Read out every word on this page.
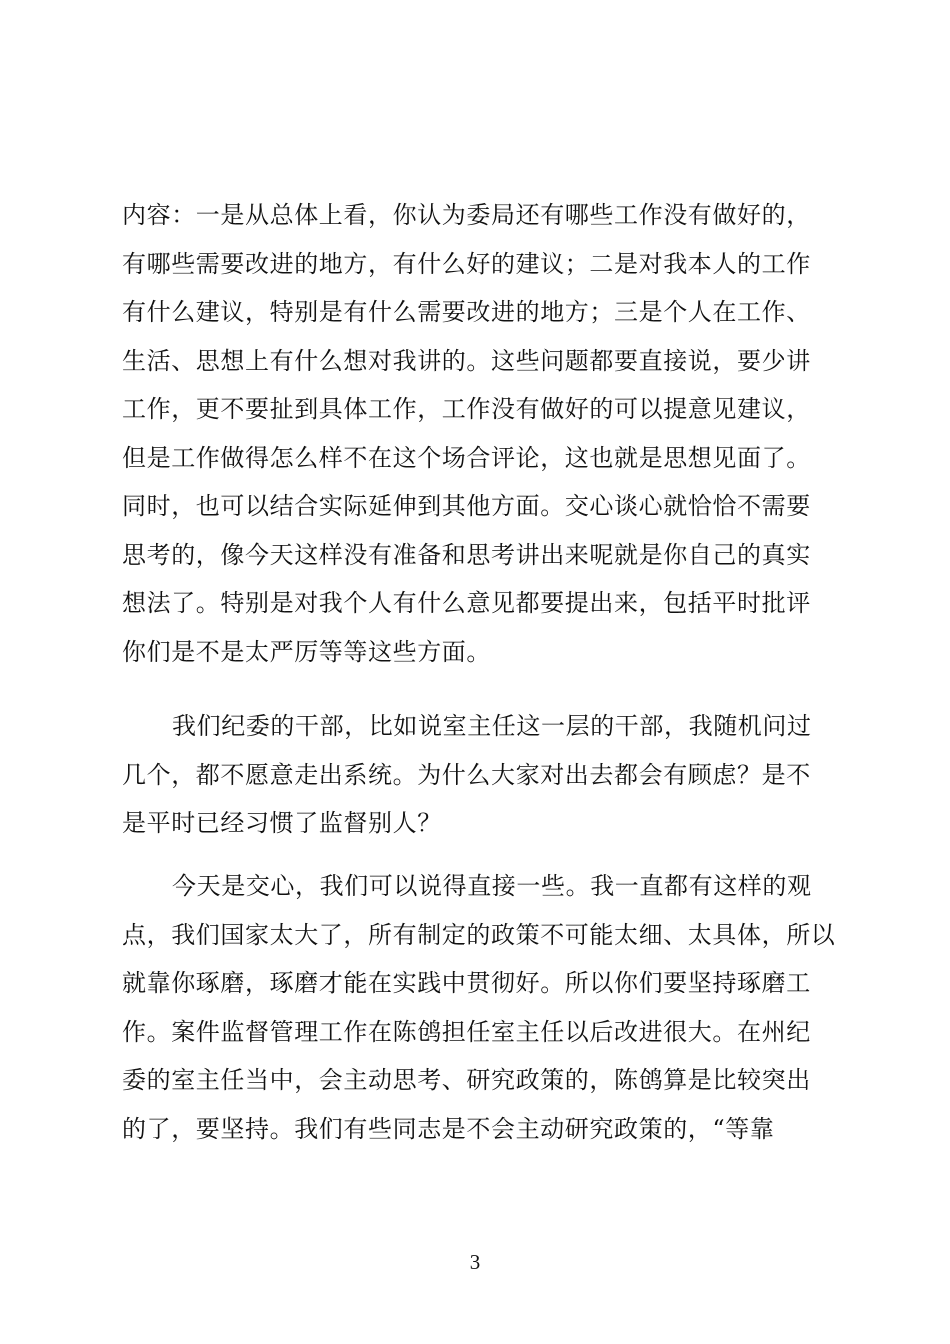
内容：一是从总体上看，你认为委局还有哪些工作没有做好的，
有哪些需要改进的地方，有什么好的建议；二是对我本人的工作
有什么建议，特别是有什么需要改进的地方；三是个人在工作、
生活、思想上有什么想对我讲的。这些问题都要直接说，要少讲
工作，更不要扯到具体工作，工作没有做好的可以提意见建议，
但是工作做得怎么样不在这个场合评论，这也就是思想见面了。
同时，也可以结合实际延伸到其他方面。交心谈心就恰恰不需要
思考的，像今天这样没有准备和思考讲出来呢就是你自己的真实
想法了。特别是对我个人有什么意见都要提出来，包括平时批评
你们是不是太严厉等等这些方面。
我们纪委的干部，比如说室主任这一层的干部，我随机问过
几个，都不愿意走出系统。为什么大家对出去都会有顾虑？是不
是平时已经习惯了监督别人？
今天是交心，我们可以说得直接一些。我一直都有这样的观
点，我们国家太大了，所有制定的政策不可能太细、太具体，所以
就靠你琢磨，琢磨才能在实践中贯彻好。所以你们要坚持琢磨工
作。案件监督管理工作在陈鸧担任室主任以后改进很大。在州纪
委的室主任当中，会主动思考、研究政策的，陈鸧算是比较突出
的了，要坚持。我们有些同志是不会主动研究政策的，“等靠
3
